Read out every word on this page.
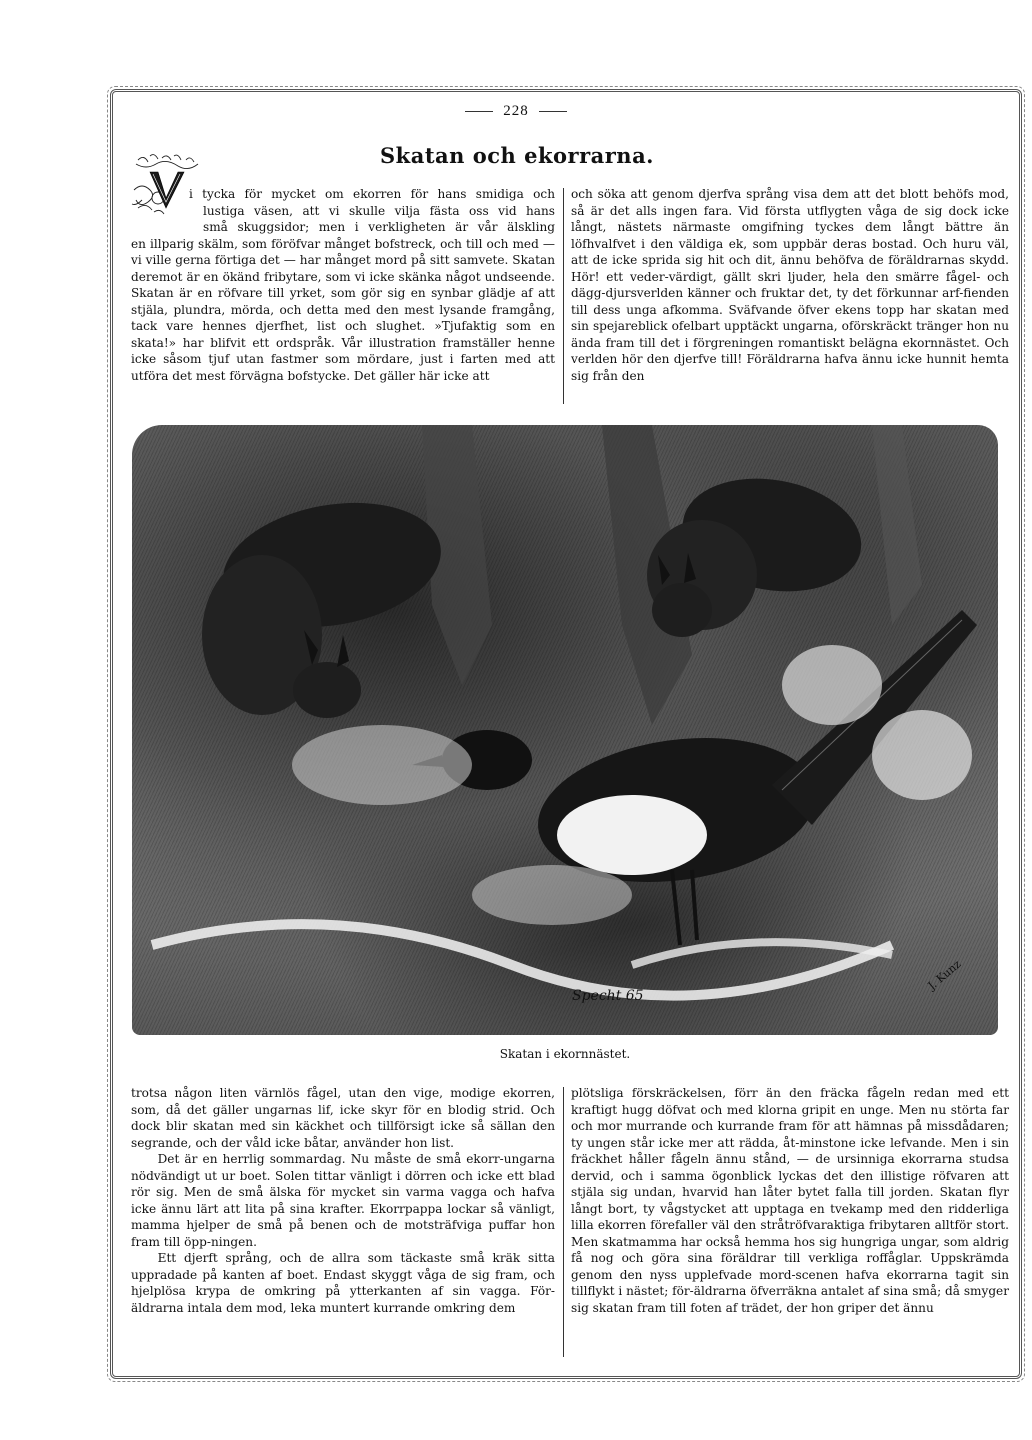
228
Skatan och ekorrarna.
i tycka för mycket om ekorren för hans smidiga och
lustiga väsen, att vi skulle vilja fästa oss vid hans
små skuggsidor; men i verkligheten är vår älskling

en illparig skälm, som föröfvar månget bofstreck, och till och med — vi ville gerna förtiga det — har månget mord på sitt samvete. Skatan deremot är en ökänd fribytare, som vi icke skänka något undseende. Skatan är en röfvare till yrket, som gör sig en synbar glädje af att stjäla, plundra, mörda, och detta med den mest lysande framgång, tack vare hennes djerfhet, list och slughet. »Tjufaktig som en skata!» har blifvit ett ordspråk. Vår illustration framställer henne icke såsom tjuf utan fastmer som mördare, just i farten med att utföra det mest förvägna bofstycke. Det gäller här icke att

och söka att genom djerfva språng visa dem att det blott behöfs mod, så är det alls ingen fara. Vid första utflygten våga de sig dock icke långt, nästets närmaste omgifning tyckes dem långt bättre än löfhvalfvet i den väldiga ek, som uppbär deras bostad. Och huru väl, att de icke sprida sig hit och dit, ännu behöfva de föräldrarnas skydd. Hör! ett veder-värdigt, gällt skri ljuder, hela den smärre fågel- och dägg-djursverlden känner och fruktar det, ty det förkunnar arf-fienden till dess unga afkomma. Sväfvande öfver ekens topp har skatan med sin spejareblick ofelbart upptäckt ungarna, oförskräckt tränger hon nu ända fram till det i förgreningen romantiskt belägna ekornnästet. Och verlden hör den djerfve till! Föräldrarna hafva ännu icke hunnit hemta sig från den

Specht 65
J. Kunz
Skatan i ekornnästet.

trotsa någon liten värnlös fågel, utan den vige, modige ekorren, som, då det gäller ungarnas lif, icke skyr för en blodig strid. Och dock blir skatan med sin käckhet och tillförsigt icke så sällan den segrande, och der våld icke båtar, använder hon list.

Det är en herrlig sommardag. Nu måste de små ekorr-ungarna nödvändigt ut ur boet. Solen tittar vänligt i dörren och icke ett blad rör sig. Men de små älska för mycket sin varma vagga och hafva icke ännu lärt att lita på sina krafter. Ekorrpappa lockar så vänligt, mamma hjelper de små på benen och de motsträfviga puffar hon fram till öpp-ningen.

Ett djerft språng, och de allra som täckaste små kräk sitta uppradade på kanten af boet. Endast skyggt våga de sig fram, och hjelplösa krypa de omkring på ytterkanten af sin vagga. För-äldrarna intala dem mod, leka muntert kurrande omkring dem

plötsliga förskräckelsen, förr än den fräcka fågeln redan med ett kraftigt hugg döfvat och med klorna gripit en unge. Men nu störta far och mor murrande och kurrande fram för att hämnas på missdådaren; ty ungen står icke mer att rädda, åt-minstone icke lefvande. Men i sin fräckhet håller fågeln ännu stånd, — de ursinniga ekorrarna studsa dervid, och i samma ögonblick lyckas det den illistige röfvaren att stjäla sig undan, hvarvid han låter bytet falla till jorden. Skatan flyr långt bort, ty vågstycket att upptaga en tvekamp med den ridderliga lilla ekorren förefaller väl den stråtröfvaraktiga fribytaren alltför stort. Men skatmamma har också hemma hos sig hungriga ungar, som aldrig få nog och göra sina föräldrar till verkliga roffåglar. Uppskrämda genom den nyss upplefvade mord-scenen hafva ekorrarna tagit sin tillflykt i nästet; för-äldrarna öfverräkna antalet af sina små; då smyger sig skatan fram till foten af trädet, der hon griper det ännu
